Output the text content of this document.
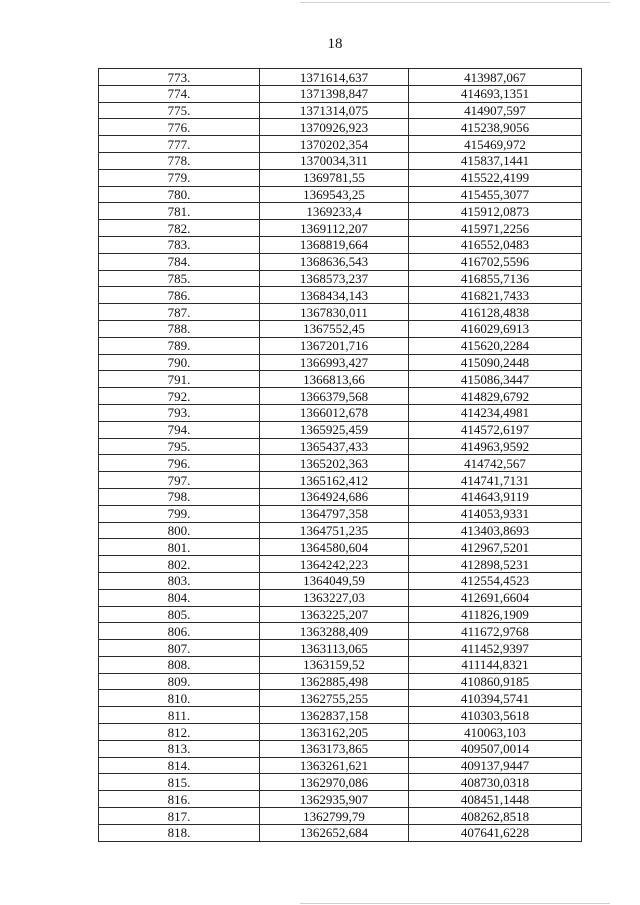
18
773.	1371614,637	413987,067
774.	1371398,847	414693,1351
775.	1371314,075	414907,597
776.	1370926,923	415238,9056
777.	1370202,354	415469,972
778.	1370034,311	415837,1441
779.	1369781,55	415522,4199
780.	1369543,25	415455,3077
781.	1369233,4	415912,0873
782.	1369112,207	415971,2256
783.	1368819,664	416552,0483
784.	1368636,543	416702,5596
785.	1368573,237	416855,7136
786.	1368434,143	416821,7433
787.	1367830,011	416128,4838
788.	1367552,45	416029,6913
789.	1367201,716	415620,2284
790.	1366993,427	415090,2448
791.	1366813,66	415086,3447
792.	1366379,568	414829,6792
793.	1366012,678	414234,4981
794.	1365925,459	414572,6197
795.	1365437,433	414963,9592
796.	1365202,363	414742,567
797.	1365162,412	414741,7131
798.	1364924,686	414643,9119
799.	1364797,358	414053,9331
800.	1364751,235	413403,8693
801.	1364580,604	412967,5201
802.	1364242,223	412898,5231
803.	1364049,59	412554,4523
804.	1363227,03	412691,6604
805.	1363225,207	411826,1909
806.	1363288,409	411672,9768
807.	1363113,065	411452,9397
808.	1363159,52	411144,8321
809.	1362885,498	410860,9185
810.	1362755,255	410394,5741
811.	1362837,158	410303,5618
812.	1363162,205	410063,103
813.	1363173,865	409507,0014
814.	1363261,621	409137,9447
815.	1362970,086	408730,0318
816.	1362935,907	408451,1448
817.	1362799,79	408262,8518
818.	1362652,684	407641,6228
